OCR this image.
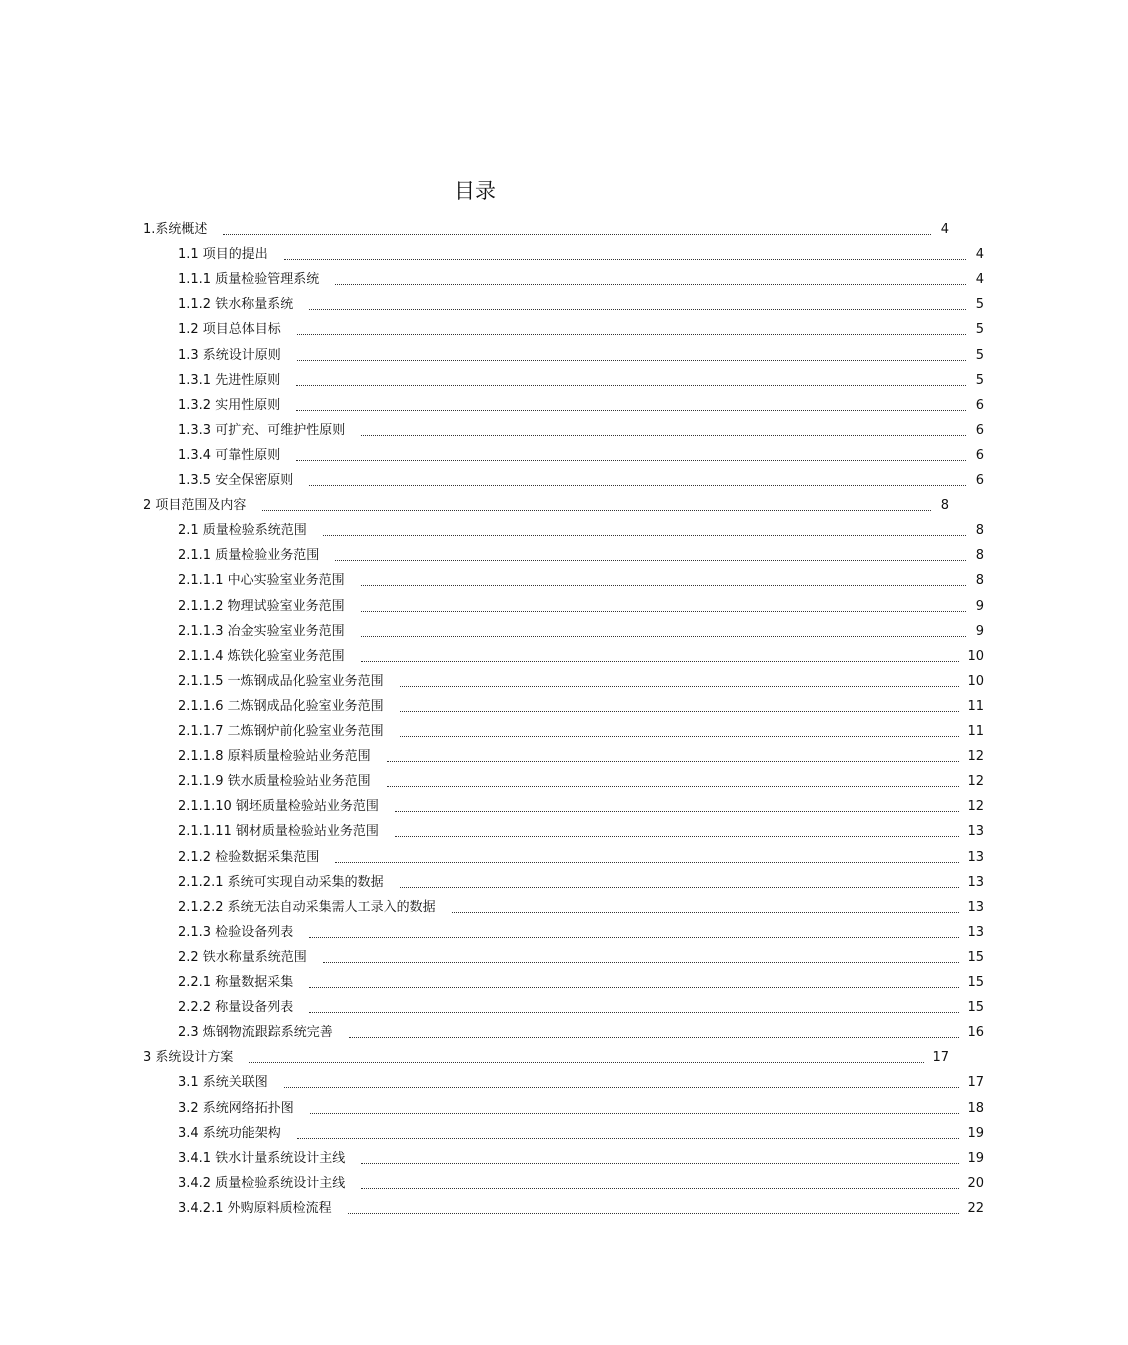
目录
1.系统概述	4
1.1 项目的提出	4
1.1.1 质量检验管理系统	4
1.1.2 铁水称量系统	5
1.2 项目总体目标	5
1.3 系统设计原则	5
1.3.1 先进性原则	5
1.3.2 实用性原则	6
1.3.3 可扩充、可维护性原则	6
1.3.4 可靠性原则	6
1.3.5 安全保密原则	6
2 项目范围及内容	8
2.1 质量检验系统范围	8
2.1.1 质量检验业务范围	8
2.1.1.1 中心实验室业务范围	8
2.1.1.2 物理试验室业务范围	9
2.1.1.3 冶金实验室业务范围	9
2.1.1.4 炼铁化验室业务范围	10
2.1.1.5 一炼钢成品化验室业务范围	10
2.1.1.6 二炼钢成品化验室业务范围	11
2.1.1.7 二炼钢炉前化验室业务范围	11
2.1.1.8 原料质量检验站业务范围	12
2.1.1.9 铁水质量检验站业务范围	12
2.1.1.10 钢坯质量检验站业务范围	12
2.1.1.11 钢材质量检验站业务范围	13
2.1.2 检验数据采集范围	13
2.1.2.1 系统可实现自动采集的数据	13
2.1.2.2 系统无法自动采集需人工录入的数据	13
2.1.3 检验设备列表	13
2.2 铁水称量系统范围	15
2.2.1 称量数据采集	15
2.2.2 称量设备列表	15
2.3 炼钢物流跟踪系统完善	16
3 系统设计方案	17
3.1 系统关联图	17
3.2 系统网络拓扑图	18
3.4 系统功能架构	19
3.4.1 铁水计量系统设计主线	19
3.4.2 质量检验系统设计主线	20
3.4.2.1 外购原料质检流程	22
